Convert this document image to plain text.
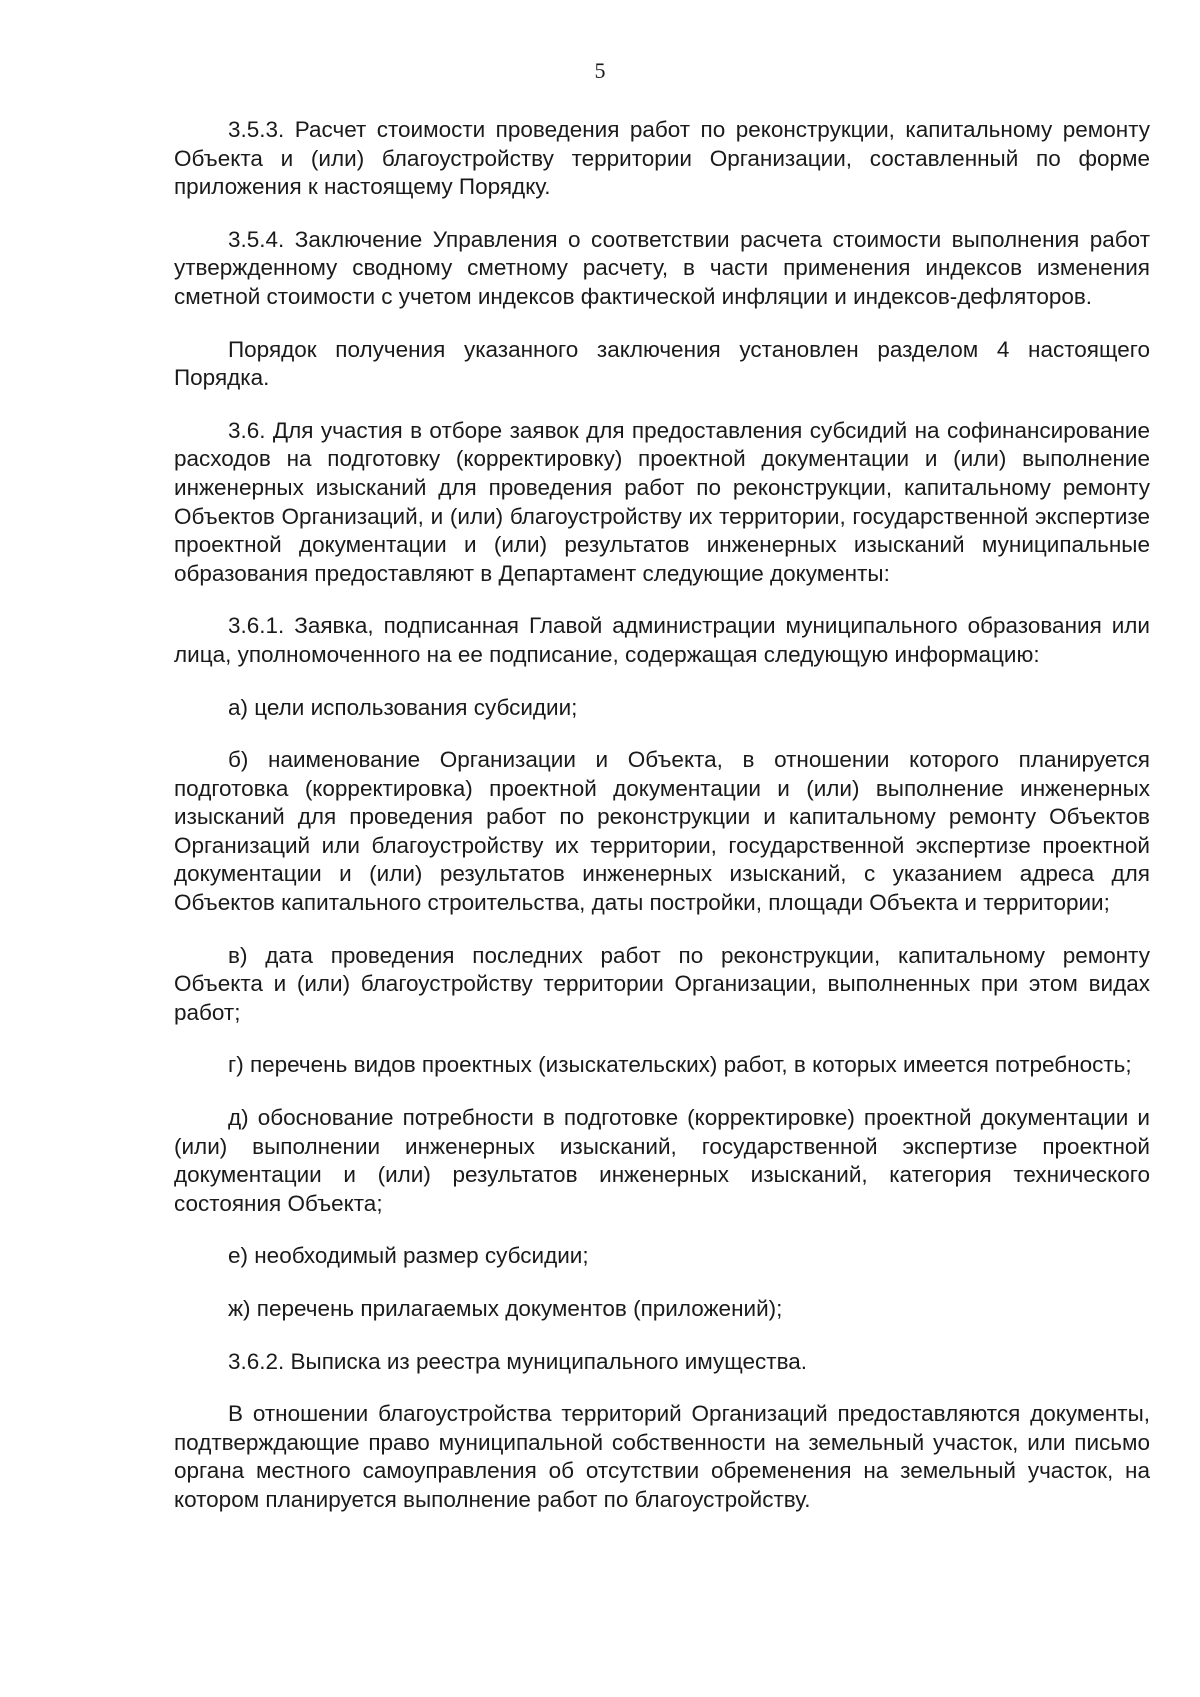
5

3.5.3. Расчет стоимости проведения работ по реконструкции, капитальному ремонту Объекта и (или) благоустройству территории Организации, составленный по форме приложения к настоящему Порядку.

3.5.4. Заключение Управления о соответствии расчета стоимости выполнения работ утвержденному сводному сметному расчету, в части применения индексов изменения сметной стоимости с учетом индексов фактической инфляции и индексов-дефляторов.

Порядок получения указанного заключения установлен разделом 4 настоящего Порядка.

3.6. Для участия в отборе заявок для предоставления субсидий на софинансирование расходов на подготовку (корректировку) проектной документации и (или) выполнение инженерных изысканий для проведения работ по реконструкции, капитальному ремонту Объектов Организаций, и (или) благоустройству их территории, государственной экспертизе проектной документации и (или) результатов инженерных изысканий муниципальные образования предоставляют в Департамент следующие документы:

3.6.1. Заявка, подписанная Главой администрации муниципального образования или лица, уполномоченного на ее подписание, содержащая следующую информацию:

а) цели использования субсидии;

б) наименование Организации и Объекта, в отношении которого планируется подготовка (корректировка) проектной документации и (или) выполнение инженерных изысканий для проведения работ по реконструкции и капитальному ремонту Объектов Организаций или благоустройству их территории, государственной экспертизе проектной документации и (или) результатов инженерных изысканий, с указанием адреса для Объектов капитального строительства, даты постройки, площади Объекта и территории;

в) дата проведения последних работ по реконструкции, капитальному ремонту Объекта и (или) благоустройству территории Организации, выполненных при этом видах работ;

г) перечень видов проектных (изыскательских) работ, в которых имеется потребность;

д) обоснование потребности в подготовке (корректировке) проектной документации и (или) выполнении инженерных изысканий, государственной экспертизе проектной документации и (или) результатов инженерных изысканий, категория технического состояния Объекта;

е) необходимый размер субсидии;

ж) перечень прилагаемых документов (приложений);

3.6.2. Выписка из реестра муниципального имущества.

В отношении благоустройства территорий Организаций предоставляются документы, подтверждающие право муниципальной собственности на земельный участок, или письмо органа местного самоуправления об отсутствии обременения на земельный участок, на котором планируется выполнение работ по благоустройству.
